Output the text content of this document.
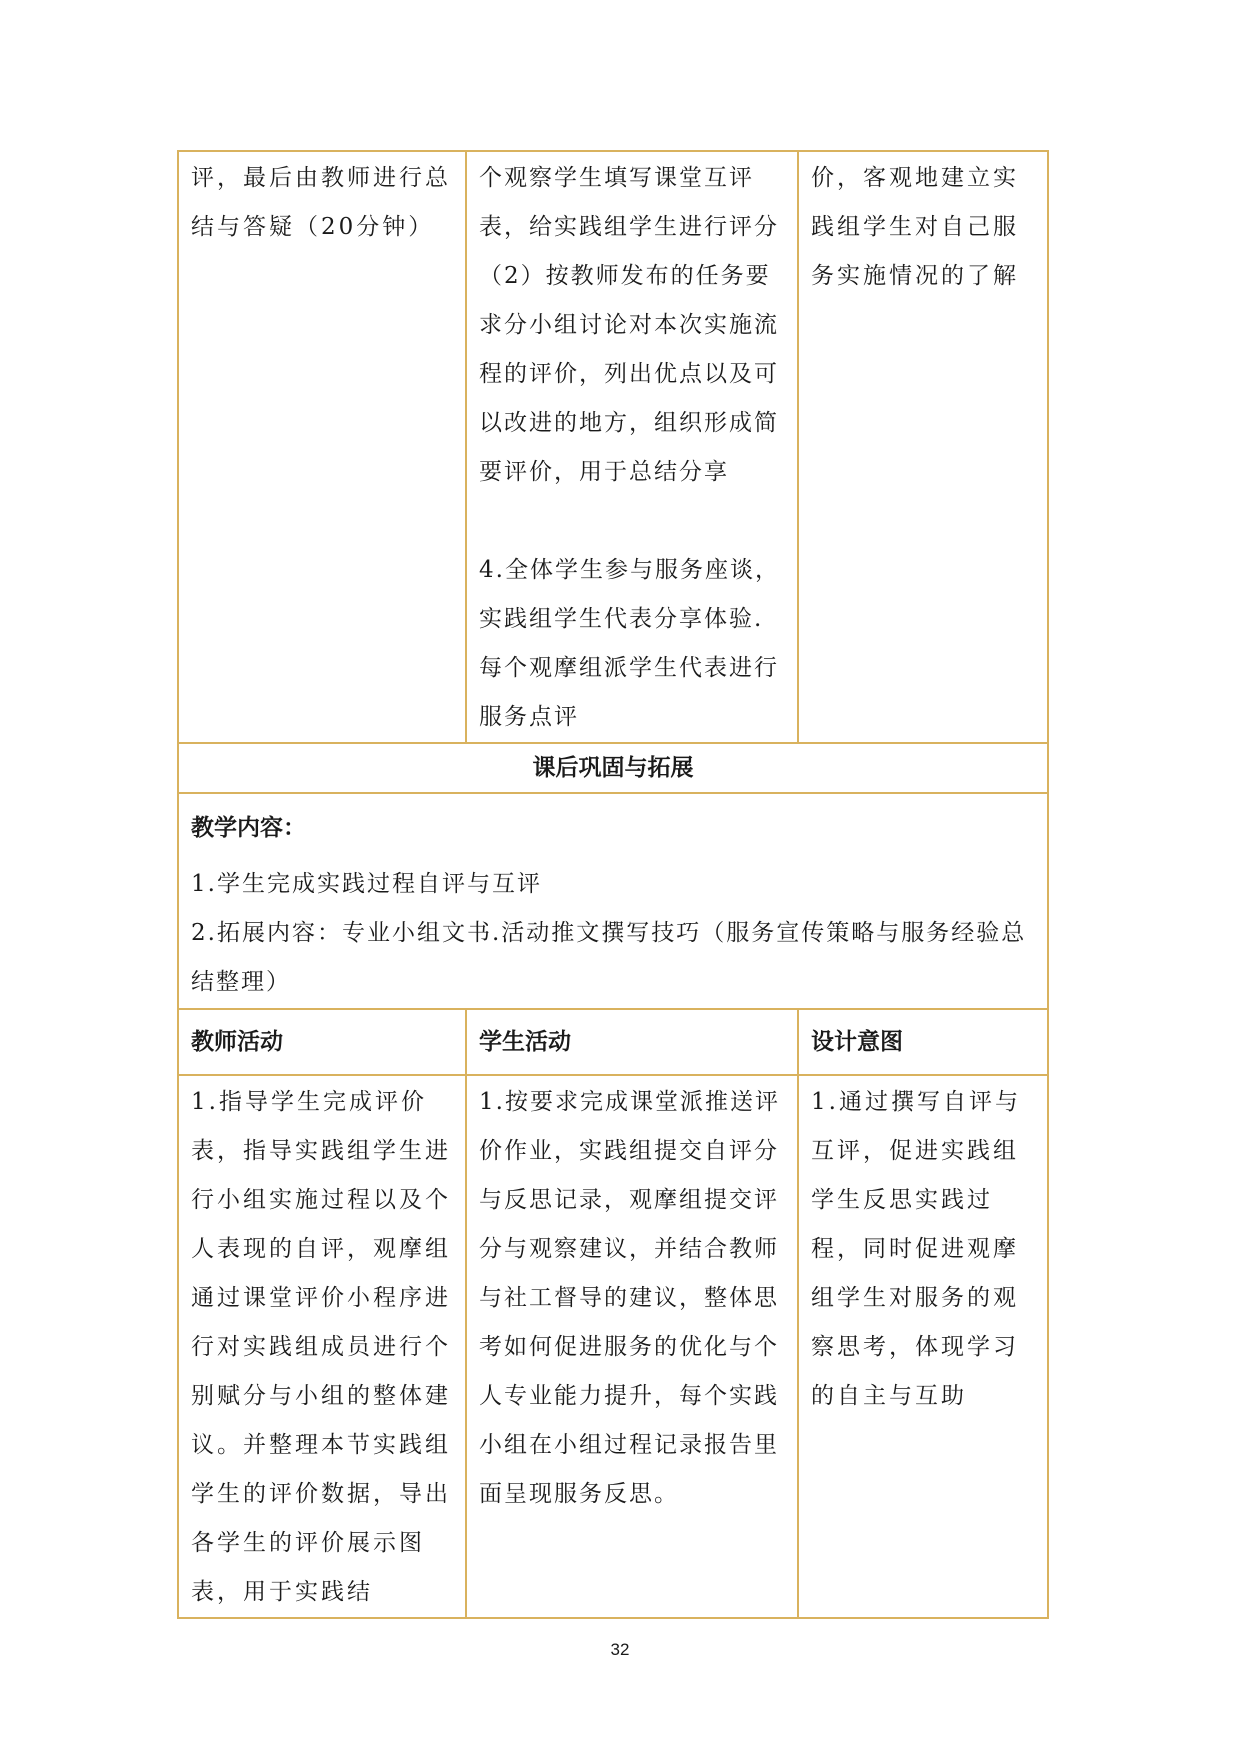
评，最后由教师进行总结与答疑（20分钟）	个观察学生填写课堂互评表，给实践组学生进行评分
（2）按教师发布的任务要求分小组讨论对本次实施流程的评价，列出优点以及可以改进的地方，组织形成简要评价，用于总结分享

4.全体学生参与服务座谈，实践组学生代表分享体验.每个观摩组派学生代表进行服务点评	价，客观地建立实践组学生对自己服务实施情况的了解

课后巩固与拓展		

教学内容：
1.学生完成实践过程自评与互评
2.拓展内容：专业小组文书.活动推文撰写技巧（服务宣传策略与服务经验总结整理）		

教师活动	学生活动	设计意图

1.指导学生完成评价表，指导实践组学生进行小组实施过程以及个人表现的自评，观摩组通过课堂评价小程序进行对实践组成员进行个别赋分与小组的整体建议。并整理本节实践组学生的评价数据，导出各学生的评价展示图表，用于实践结	1.按要求完成课堂派推送评价作业，实践组提交自评分与反思记录，观摩组提交评分与观察建议，并结合教师与社工督导的建议，整体思考如何促进服务的优化与个人专业能力提升，每个实践小组在小组过程记录报告里面呈现服务反思。	1.通过撰写自评与互评，促进实践组学生反思实践过程，同时促进观摩组学生对服务的观察思考，体现学习的自主与互助
32
